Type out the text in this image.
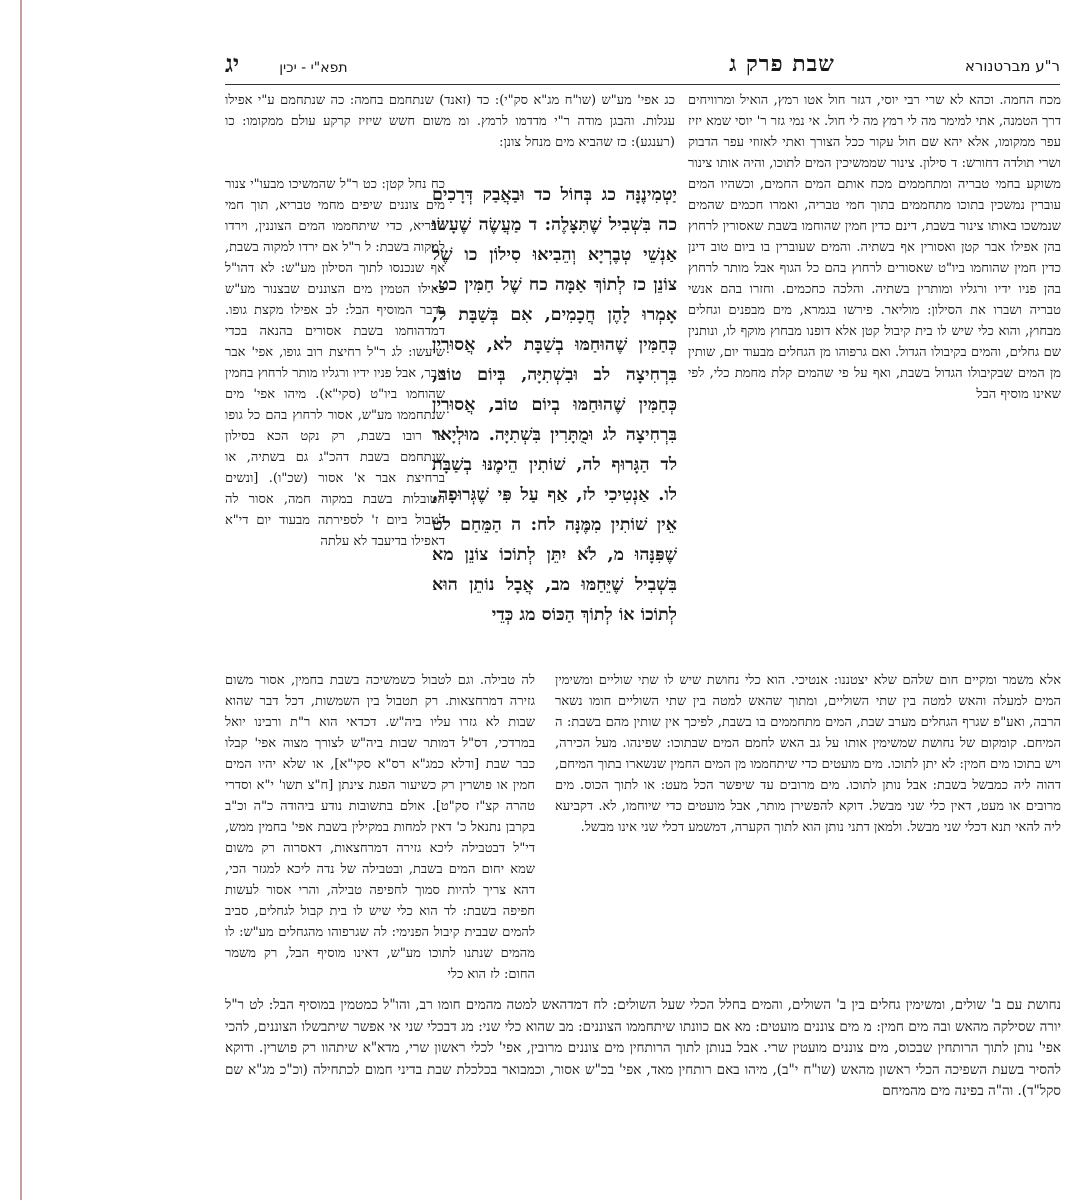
ר"ע מברטנורא
שבת פרק ג
תפא"י - יכין
יג

מכח החמה. וכהא לא שרי רבי יוסי, דגזר חול אטו רמץ, הואיל ומרוויחים דרך הטמנה, אתי למימר מה לי רמץ מה לי חול. אי נמי גזר ר' יוסי שמא יזיז עפר ממקומו, אלא יהא שם חול עקור ככל הצורך ואתי לאזוזי עפר הדבוק ושרי תולדה דחורש: ד סילון. צינור שממשיכין המים לתוכו, והיה אותו צינור משוקע בחמי טבריה ומתחממים מכח אותם המים החמים, וכשהיו המים עוברין נמשכין בתוכו מתחממים בתוך חמי טבריה, ואמרו חכמים שהמים שנמשכו באותו צינור בשבת, דינם כדין חמין שהוחמו בשבת שאסורין לרחוץ בהן אפילו אבר קטן ואסורין אף בשתיה. והמים שעוברין בו ביום טוב דינן כדין חמין שהוחמו ביו"ט שאסורים לרחוץ בהם כל הגוף אבל מותר לרחוץ בהן פניו ידיו ורגליו ומותרין בשתיה. והלכה כחכמים. וחזרו בהם אנשי טבריה ושברו את הסילון: מוליאר. פירשו בגמרא, מים מבפנים וגחלים מבחוץ, והוא כלי שיש לו בית קיבול קטן אלא דופנו מבחוץ מוקף לו, ונותנין שם גחלים, והמים בקיבולו הגדול. ואם גרפוהו מן הגחלים מבעוד יום, שותין מן המים שבקיבולו הגדול בשבת, ואף על פי שהמים קלת מחמת כלי, לפי שאינו מוסיף הבל

כג אפי' מע"ש (שו"ח מג"א סק"י): כד (זאנד) שנתחמם בחמה: כה שנתחמם ע"י אפילו עגלות. והבגן מודה ר"י מדדמו לרמץ. ומ משום חשש שיזיז קרקע עולם ממקומו: כו (רענגע): כז שהביא מים מנחל צונן:

כח נחל קטן: כט ר"ל שהמשיכו מבעו"י צנור מים צוננים שיפים מחמי טבריא, תוך חמי טבריא, כדי שיתחממו המים הצוננין, וירדו למקוה בשבת: ל ר"ל אם ירדו למקוה בשבת, אף שנכנסו לתוך הסילון מע"ש: לא דהו"ל כאילו הטמין מים הצוננים שבצנור מע"ש בדבר המוסיף הבל: לב אפילו מקצת גופו. דמדהוחמו בשבת אסורים בהנאה בכדי שיעשו: לג ר"ל רחיצת רוב גופו, אפי' אבר אבר, אבל פניו ידיו ורגליו מותר לרחוץ בחמין שהוחמו ביו"ט (סקי"א). מיהו אפי' מים שנתחממו מע"ש, אסור לרחוץ בהם כל גופו או רובו בשבת, רק נקט הכא בסילון שנתחמם בשבת דהכ"ג גם בשתיה, או ברחיצת אבר א' אסור (שכ"ו). [ונשים הטובלות בשבת במקוה חמה, אסור לה לטבול ביום ז' לספירתה מבעוד יום די"א דאפילו בדיעבד לא עלתה

יַטְמִינֶנָּה כג בְּחוֹל כד וּבַאֲבַק דְּרָכִים כה בִּשְׁבִיל שֶׁתִּצָּלֶה: ד מַעֲשֶׂה שֶׁעָשׂוּ אַנְשֵׁי טְבֶרְיָא וְהֵבִיאוּ סִילוֹן כו שֶׁל צוֹנֵן כז לְתוֹךְ אַמָּה כח שֶׁל חַמִּין כט. אָמְרוּ לָהֶן חֲכָמִים, אִם בְּשַׁבָּת ל, כְּחַמִּין שֶׁהוּחַמּוּ בְשַׁבָּת לא, אֲסוּרִין בִּרְחִיצָה לב וּבִשְׁתִיָּה, בְּיוֹם טוֹב, כְּחַמִּין שֶׁהוּחַמּוּ בְיוֹם טוֹב, אֲסוּרִין בִּרְחִיצָה לג וּמֻתָּרִין בִּשְׁתִיָּה. מוּלְיָאר לד הַגָּרוּף לה, שׁוֹתִין הֵימֶנּוּ בְשַׁבָּת לו. אַנְטִיכִי לז, אַף עַל פִּי שֶׁגְּרוּפָה, אֵין שׁוֹתִין מִמֶּנָּה לח: ה הַמֵּחַם לט שֶׁפִּנָּהוּ מ, לֹא יִתֵּן לְתוֹכוֹ צוֹנֵן מא בִּשְׁבִיל שֶׁיֵּחַמּוּ מב, אֲבָל נוֹתֵן הוּא לְתוֹכוֹ אוֹ לְתוֹךְ הַכּוֹס מג כְּדֵי

לה טבילה. וגם לטבול כשמשיכה בשבת בחמין, אסור משום גזירה דמרחצאות. רק תטבול בין השמשות, דכל דבר שהוא שבות לא גזרו עליו ביה"ש. דכדאי הוא ר"ת ורבינו יואל במרדכי, דס"ל דמותר שבות ביה"ש לצורך מצוה אפי' קבלו כבר שבת [ודלא כמג"א רס"א סקי"א], או שלא יהיו המים חמין או פושרין רק כשיעור הפגת צינתן [ח"צ תשו' י"א וסדרי טהרה קצ"ז סק"ט]. אולם בתשובות נודע ביהודה כ"ה וכ"ב בקרבן נתנאל כ' דאין למחות במקילין בשבת אפי' בחמין ממש, די"ל דבטבילה ליכא גזירה דמרחצאות, דאסרוה רק משום שמא יחום המים בשבת, ובטבילה של נדה ליכא למגזר הכי, דהא צריך להיות סמוך לחפיפה טבילה, והרי אסור לעשות חפיפה בשבת: לד הוא כלי שיש לו בית קבול לגחלים, סביב להמים שבבית קיבול הפנימי: לה שגרפוהו מהגחלים מע"ש: לו מהמים שנתנו לתוכו מע"ש, דאינו מוסיף הבל, רק משמר החום: לז הוא כלי

אלא משמר ומקיים חום שלהם שלא יצטננו: אנטיכי. הוא כלי נחושת שיש לו שתי שוליים ומשימין המים למעלה והאש למטה בין שתי השוליים, ומתוך שהאש למטה בין שתי השוליים חומו נשאר הרבה, ואע"פ שגרף הגחלים מערב שבת, המים מתחממים בו בשבת, לפיכך אין שותין מהם בשבת: ה המיחם. קומקום של נחושת שמשימין אותו על גב האש לחמם המים שבתוכו: שפינהו. מעל הכירה, ויש בתוכו מים חמין: לא יתן לתוכו. מים מועטים כדי שיתחממו מן המים החמין שנשארו בתוך המיחם, דהוה ליה כמבשל בשבת: אבל נותן לתוכו. מים מרובים עד שיפשר הכל מעט: או לתוך הכוס. מים מרובים או מעט, דאין כלי שני מבשל. דוקא להפשירן מותר, אבל מועטים כדי שיוחמו, לא. דקביעא ליה להאי תנא דכלי שני מבשל. ולמאן דתני נותן הוא לתוך הקערה, דמשמע דכלי שני אינו מבשל.

נחושת עם ב' שולים, ומשימין גחלים בין ב' השולים, והמים בחלל הכלי שעל השולים: לח דמדהאש למטה מהמים חומו רב, והו"ל כמטמין במוסיף הבל: לט ר"ל יורה שסילקה מהאש ובה מים חמין: מ מים צוננים מועטים: מא אם כוונתו שיתחממו הצוננים: מב שהוא כלי שני: מג דבכלי שני אי אפשר שיתבשלו הצוננים, להכי אפי' נותן לתוך הרותחין שבכוס, מים צוננים מועטין שרי. אבל בנותן לתוך הרותחין מים צוננים מרובין, אפי' לכלי ראשון שרי, מדא"א שיתהוו רק פושרין. ודוקא להסיר בשעת השפיכה הכלי ראשון מהאש (שו"ח י"ב), מיהו באם רותחין מאד, אפי' בכ"ש אסור, וכמבואר בכלכלת שבת בדיני חמום לכתחילה (וכ"כ מג"א שם סקל"ד). וה"ה בפינה מים מהמיחם
